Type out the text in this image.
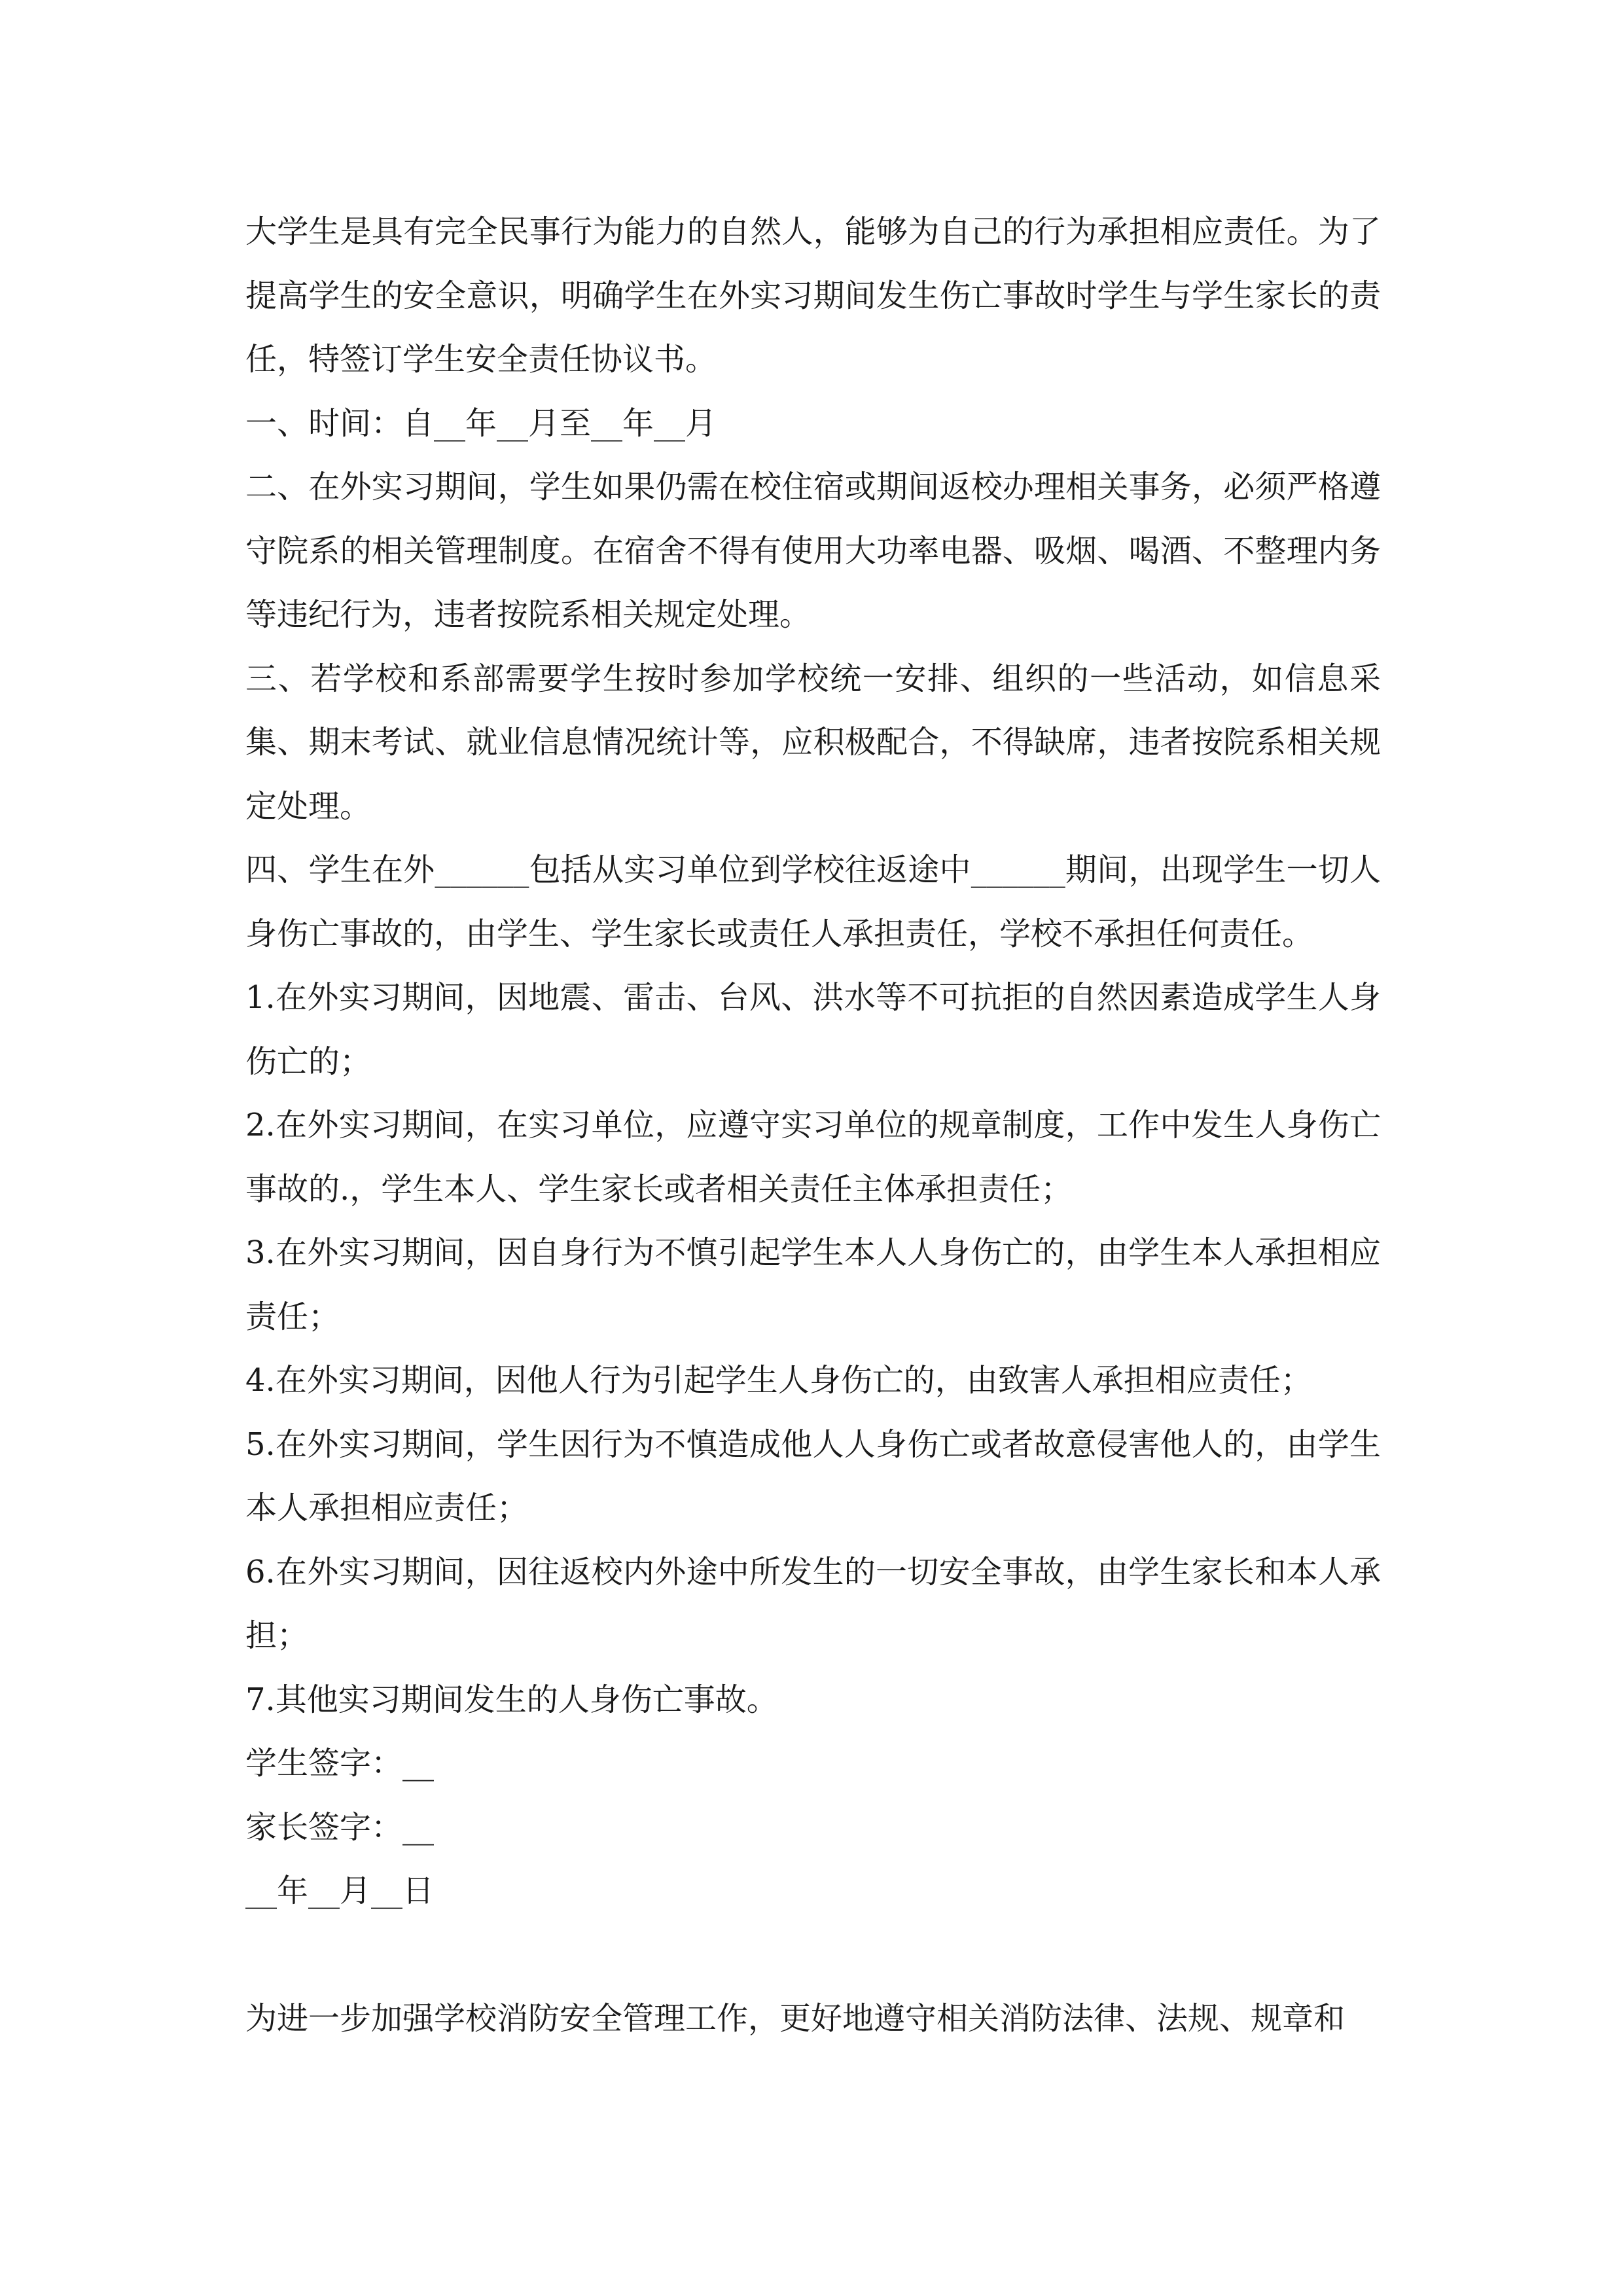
大学生是具有完全民事行为能力的自然人，能够为自己的行为承担相应责任。为了提高学生的安全意识，明确学生在外实习期间发生伤亡事故时学生与学生家长的责任，特签订学生安全责任协议书。

一、时间：自__年__月至__年__月

二、在外实习期间，学生如果仍需在校住宿或期间返校办理相关事务，必须严格遵守院系的相关管理制度。在宿舍不得有使用大功率电器、吸烟、喝酒、不整理内务等违纪行为，违者按院系相关规定处理。

三、若学校和系部需要学生按时参加学校统一安排、组织的一些活动，如信息采集、期末考试、就业信息情况统计等，应积极配合，不得缺席，违者按院系相关规定处理。

四、学生在外______包括从实习单位到学校往返途中______期间，出现学生一切人身伤亡事故的，由学生、学生家长或责任人承担责任，学校不承担任何责任。

1.在外实习期间，因地震、雷击、台风、洪水等不可抗拒的自然因素造成学生人身伤亡的；

2.在外实习期间，在实习单位，应遵守实习单位的规章制度，工作中发生人身伤亡事故的.，学生本人、学生家长或者相关责任主体承担责任；

3.在外实习期间，因自身行为不慎引起学生本人人身伤亡的，由学生本人承担相应责任；

4.在外实习期间，因他人行为引起学生人身伤亡的，由致害人承担相应责任；

5.在外实习期间，学生因行为不慎造成他人人身伤亡或者故意侵害他人的，由学生本人承担相应责任；

6.在外实习期间，因往返校内外途中所发生的一切安全事故，由学生家长和本人承担；

7.其他实习期间发生的人身伤亡事故。

学生签字：__

家长签字：__

__年__月__日

为进一步加强学校消防安全管理工作，更好地遵守相关消防法律、法规、规章和
